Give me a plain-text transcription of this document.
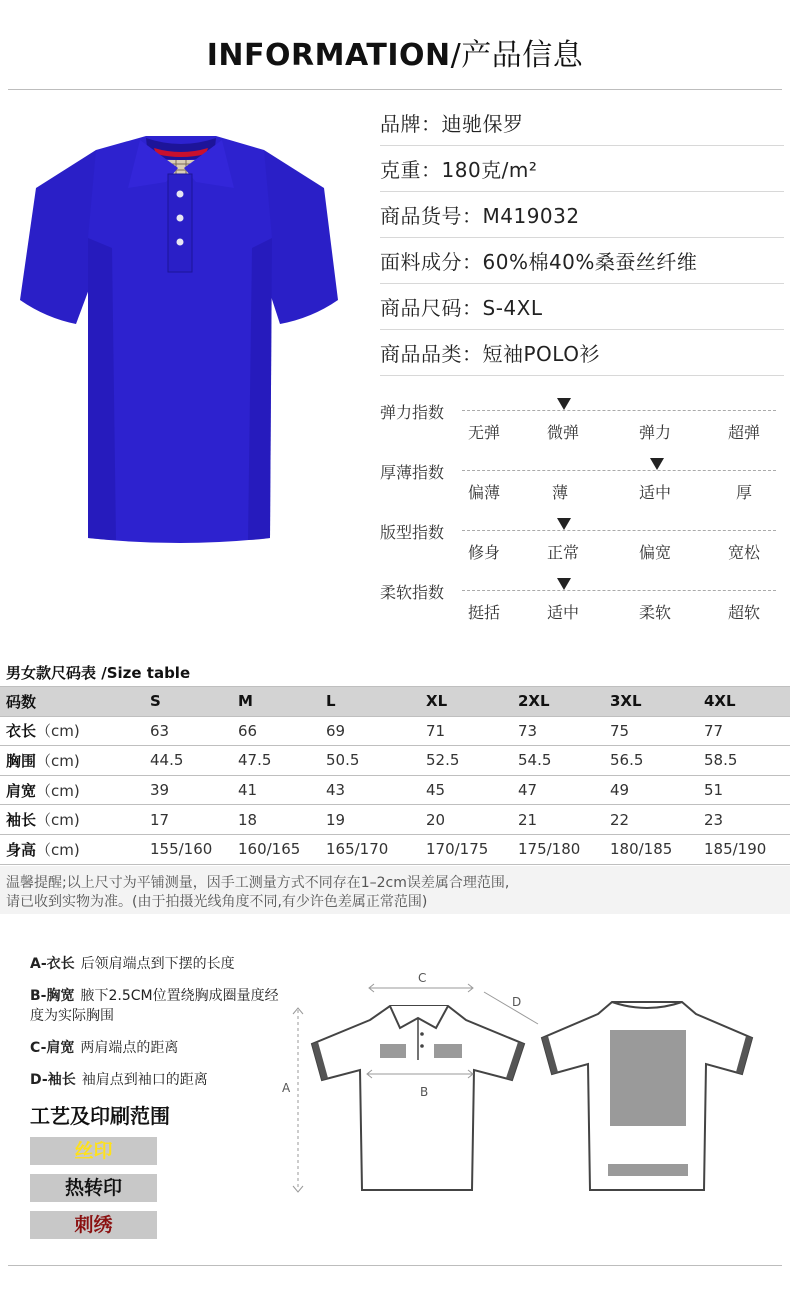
INFORMATION/产品信息
品牌：迪驰保罗
克重：180克/m²
商品货号：M419032
面料成分：60%棉40%桑蚕丝纤维
商品尺码：S-4XL
商品品类：短袖POLO衫
弹力指数
无弹	微弹	弹力	超弹
厚薄指数
偏薄	薄	适中	厚
版型指数
修身	正常	偏宽	宽松
柔软指数
挺括	适中	柔软	超软
男女款尺码表 /Size table
码数	S	M	L	XL	2XL	3XL	4XL
衣长（cm)	63	66	69	71	73	75	77
胸围（cm)	44.5	47.5	50.5	52.5	54.5	56.5	58.5
肩宽（cm)	39	41	43	45	47	49	51
袖长（cm)	17	18	19	20	21	22	23
身高（cm)	155/160	160/165	165/170	170/175	175/180	180/185	185/190
温馨提醒;以上尺寸为平铺测量，因手工测量方式不同存在1–2cm误差属合理范围,
请已收到实物为准。(由于拍摄光线角度不同,有少许色差属正常范围)
A-衣长 后领肩端点到下摆的长度
B-胸宽 腋下2.5CM位置绕胸成圈量度经度为实际胸围
C-肩宽 两肩端点的距离
D-袖长 袖肩点到袖口的距离
工艺及印刷范围
丝印
热转印
刺绣
A
C
D
B
